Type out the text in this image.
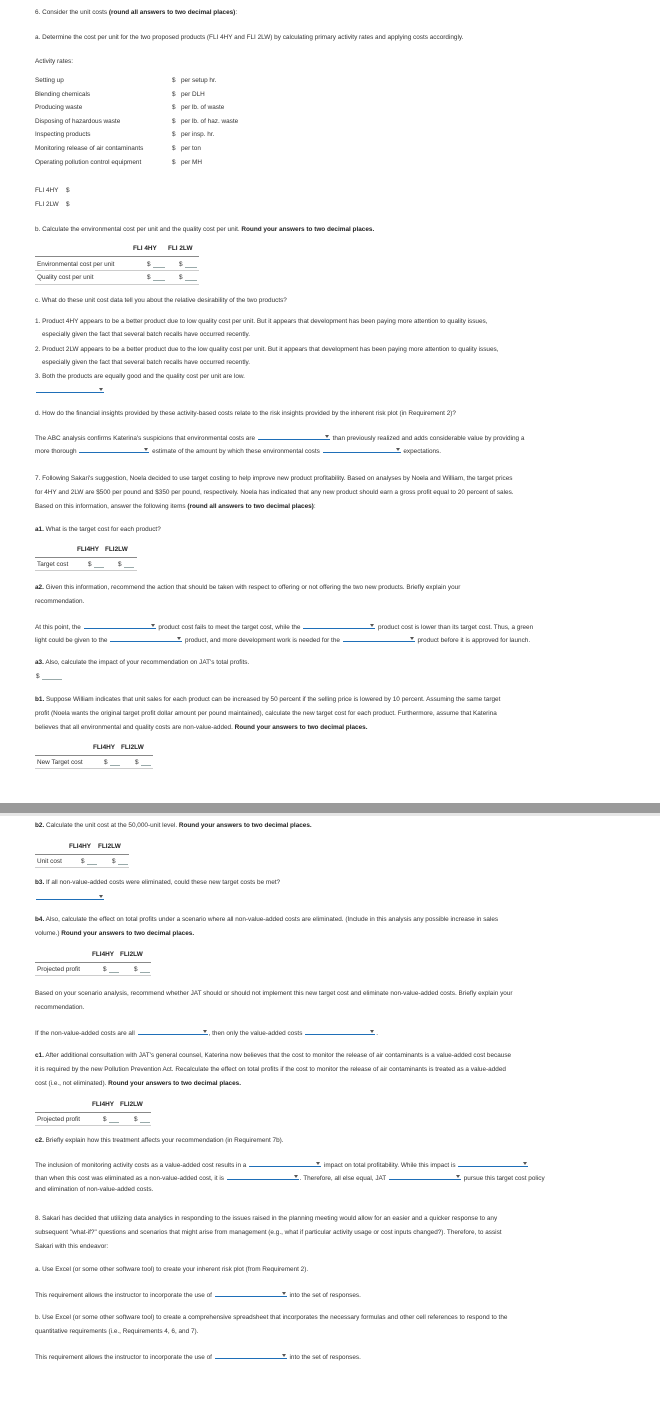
6. Consider the unit costs (round all answers to two decimal places):
a. Determine the cost per unit for the two proposed products (FLI 4HY and FLI 2LW) by calculating primary activity rates and applying costs accordingly.
Activity rates:
Setting up	$ per setup hr.
Blending chemicals	$ per DLH
Producing waste	$ per lb. of waste
Disposing of hazardous waste	$ per lb. of haz. waste
Inspecting products	$ per insp. hr.
Monitoring release of air contaminants	$ per ton
Operating pollution control equipment	$ per MH
FLI 4HY $
FLI 2LW $
b. Calculate the environmental cost per unit and the quality cost per unit. Round your answers to two decimal places.
FLI 4HY FLI 2LW
Environmental cost per unit	$	$
Quality cost per unit	$	$
c. What do these unit cost data tell you about the relative desirability of the two products?
1. Product 4HY appears to be a better product due to low quality cost per unit. But it appears that development has been paying more attention to quality issues,
especially given the fact that several batch recalls have occurred recently.
2. Product 2LW appears to be a better product due to the low quality cost per unit. But it appears that development has been paying more attention to quality issues,
especially given the fact that several batch recalls have occurred recently.
3. Both the products are equally good and the quality cost per unit are low.
d. How do the financial insights provided by these activity-based costs relate to the risk insights provided by the inherent risk plot (in Requirement 2)?
The ABC analysis confirms Katerina's suspicions that environmental costs are	than previously realized and adds considerable value by providing a
more thorough	estimate of the amount by which these environmental costs	expectations.
7. Following Sakari's suggestion, Noela decided to use target costing to help improve new product profitability. Based on analyses by Noela and William, the target prices
for 4HY and 2LW are $500 per pound and $350 per pound, respectively. Noela has indicated that any new product should earn a gross profit equal to 20 percent of sales.
Based on this information, answer the following items (round all answers to two decimal places):
a1. What is the target cost for each product?
FLI4HY FLI2LW
Target cost	$	$
a2. Given this information, recommend the action that should be taken with respect to offering or not offering the two new products. Briefly explain your
recommendation.
At this point, the	product cost fails to meet the target cost, while the	product cost is lower than its target cost. Thus, a green
light could be given to the	product, and more development work is needed for the	product before it is approved for launch.
a3. Also, calculate the impact of your recommendation on JAT's total profits.
$
b1. Suppose William indicates that unit sales for each product can be increased by 50 percent if the selling price is lowered by 10 percent. Assuming the same target
profit (Noela wants the original target profit dollar amount per pound maintained), calculate the new target cost for each product. Furthermore, assume that Katerina
believes that all environmental and quality costs are non-value-added. Round your answers to two decimal places.
FLI4HY FLI2LW
New Target cost	$	$
b2. Calculate the unit cost at the 50,000-unit level. Round your answers to two decimal places.
FLI4HY FLI2LW
Unit cost	$	$
b3. If all non-value-added costs were eliminated, could these new target costs be met?
b4. Also, calculate the effect on total profits under a scenario where all non-value-added costs are eliminated. (Include in this analysis any possible increase in sales
volume.) Round your answers to two decimal places.
FLI4HY FLI2LW
Projected profit	$	$
Based on your scenario analysis, recommend whether JAT should or should not implement this new target cost and eliminate non-value-added costs. Briefly explain your
recommendation.
If the non-value-added costs are all	, then only the value-added costs	.
c1. After additional consultation with JAT's general counsel, Katerina now believes that the cost to monitor the release of air contaminants is a value-added cost because
it is required by the new Pollution Prevention Act. Recalculate the effect on total profits if the cost to monitor the release of air contaminants is treated as a value-added
cost (i.e., not eliminated). Round your answers to two decimal places.
FLI4HY FLI2LW
Projected profit	$	$
c2. Briefly explain how this treatment affects your recommendation (in Requirement 7b).
The inclusion of monitoring activity costs as a value-added cost results in a	impact on total profitability. While this impact is
than when this cost was eliminated as a non-value-added cost, it is	. Therefore, all else equal, JAT	pursue this target cost policy
and elimination of non-value-added costs.
8. Sakari has decided that utilizing data analytics in responding to the issues raised in the planning meeting would allow for an easier and a quicker response to any
subsequent "what-if?" questions and scenarios that might arise from management (e.g., what if particular activity usage or cost inputs changed?). Therefore, to assist
Sakari with this endeavor:
a. Use Excel (or some other software tool) to create your inherent risk plot (from Requirement 2).
This requirement allows the instructor to incorporate the use of	into the set of responses.
b. Use Excel (or some other software tool) to create a comprehensive spreadsheet that incorporates the necessary formulas and other cell references to respond to the
quantitative requirements (i.e., Requirements 4, 6, and 7).
This requirement allows the instructor to incorporate the use of	into the set of responses.
